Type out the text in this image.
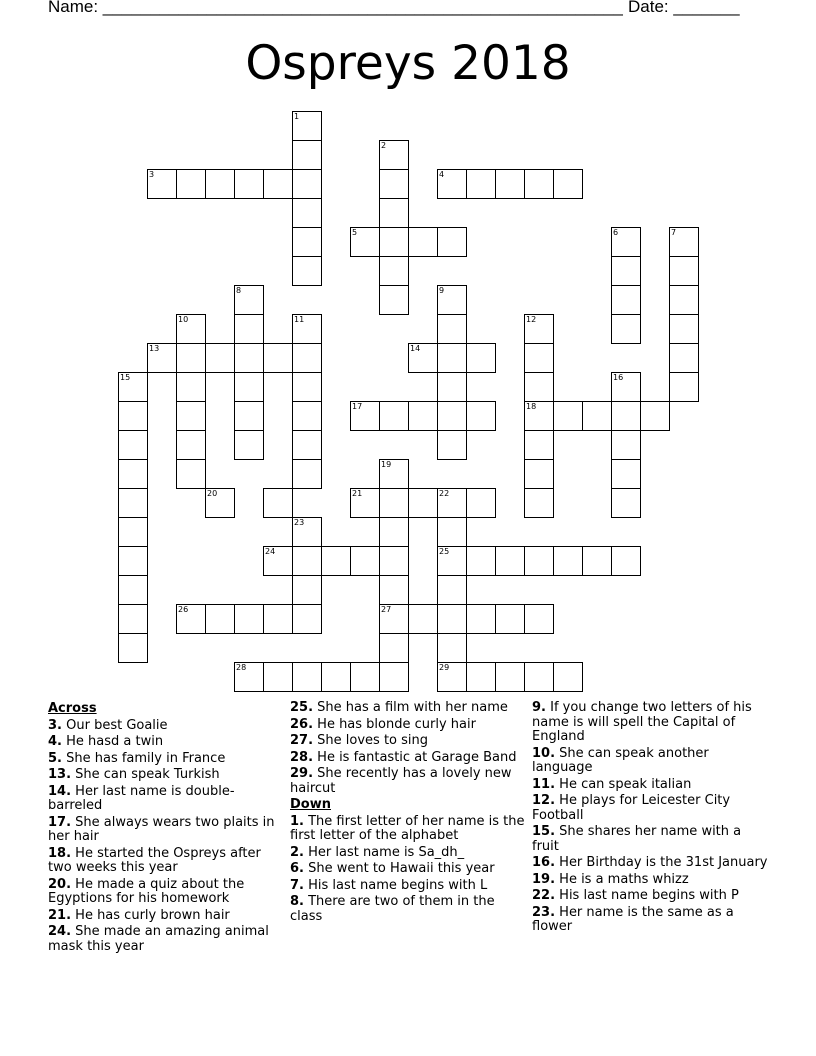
Name: _______________________________________________________ Date: _______
Ospreys 2018
1
3
2
4
5	6	7
8	9
10	11	12
18
13	14
15	16
17
19
27
20	21	22
25
29
23
24
26
28
Across
3. Our best Goalie
4. He hasd a twin
5. She has family in France
13. She can speak Turkish
14. Her last name is double-barreled
17. She always wears two plaits in her hair
18. He started the Ospreys after two weeks this year
20. He made a quiz about the Egyptions for his homework
21. He has curly brown hair
24. She made an amazing animal mask this year
25. She has a film with her name
26. He has blonde curly hair
27. She loves to sing
28. He is fantastic at Garage Band
29. She recently has a lovely new haircut
Down
1. The first letter of her name is the first letter of the alphabet
2. Her last name is Sa_dh_
6. She went to Hawaii this year
7. His last name begins with L
8. There are two of them in the class
9. If you change two letters of his name is will spell the Capital of England
10. She can speak another language
11. He can speak italian
12. He plays for Leicester City Football
15. She shares her name with a fruit
16. Her Birthday is the 31st January
19. He is a maths whizz
22. His last name begins with P
23. Her name is the same as a flower
